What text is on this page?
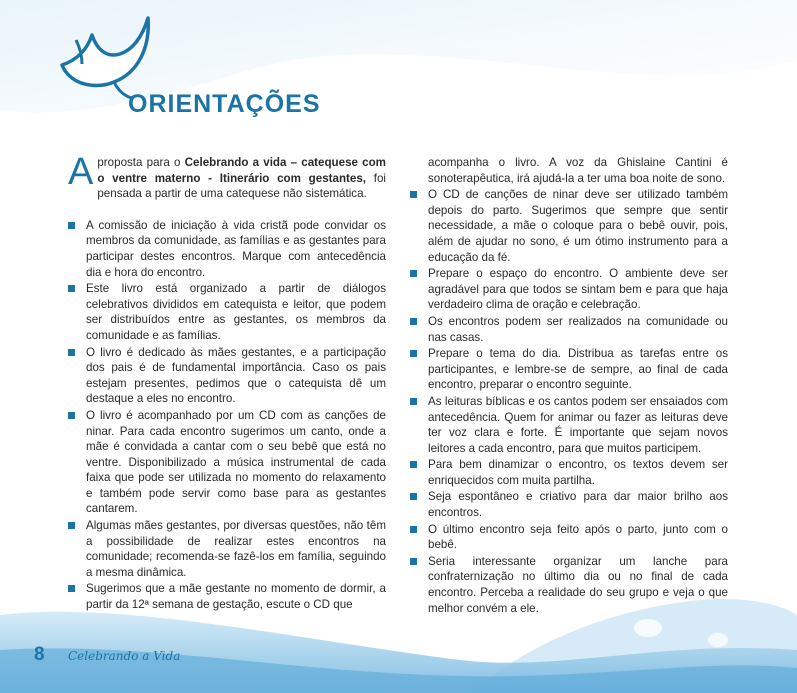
ORIENTAÇÕES

A proposta para o Celebrando a vida – catequese com o ventre materno - Itinerário com gestantes, foi pensada a partir de uma catequese não sistemática.

A comissão de iniciação à vida cristã pode convidar os membros da comunidade, as famílias e as gestantes para participar destes encontros. Marque com antecedência dia e hora do encontro.
Este livro está organizado a partir de diálogos celebrativos divididos em catequista e leitor, que podem ser distribuídos entre as gestantes, os membros da comunidade e as famílias.
O livro é dedicado às mães gestantes, e a participação dos pais é de fundamental importância. Caso os pais estejam presentes, pedimos que o catequista dê um destaque a eles no encontro.
O livro é acompanhado por um CD com as canções de ninar. Para cada encontro sugerimos um canto, onde a mãe é convidada a cantar com o seu bebê que está no ventre. Disponibilizado a música instrumental de cada faixa que pode ser utilizada no momento do relaxamento e também pode servir como base para as gestantes cantarem.
Algumas mães gestantes, por diversas questões, não têm a possibilidade de realizar estes encontros na comunidade; recomenda-se fazê-los em família, seguindo a mesma dinâmica.
Sugerimos que a mãe gestante no momento de dormir, a partir da 12ª semana de gestação, escute o CD que
acompanha o livro. A voz da Ghislaine Cantini é sonoterapêutica, irá ajudá-la a ter uma boa noite de sono.
O CD de canções de ninar deve ser utilizado também depois do parto. Sugerimos que sempre que sentir necessidade, a mãe o coloque para o bebê ouvir, pois, além de ajudar no sono, é um ótimo instrumento para a educação da fé.
Prepare o espaço do encontro. O ambiente deve ser agradável para que todos se sintam bem e para que haja verdadeiro clima de oração e celebração.
Os encontros podem ser realizados na comunidade ou nas casas.
Prepare o tema do dia. Distribua as tarefas entre os participantes, e lembre-se de sempre, ao final de cada encontro, preparar o encontro seguinte.
As leituras bíblicas e os cantos podem ser ensaiados com antecedência. Quem for animar ou fazer as leituras deve ter voz clara e forte. É importante que sejam novos leitores a cada encontro, para que muitos participem.
Para bem dinamizar o encontro, os textos devem ser enriquecidos com muita partilha.
Seja espontâneo e criativo para dar maior brilho aos encontros.
O último encontro seja feito após o parto, junto com o bebê.
Seria interessante organizar um lanche para confraternização no último dia ou no final de cada encontro. Perceba a realidade do seu grupo e veja o que melhor convém a ele.
8 Celebrando a Vida
